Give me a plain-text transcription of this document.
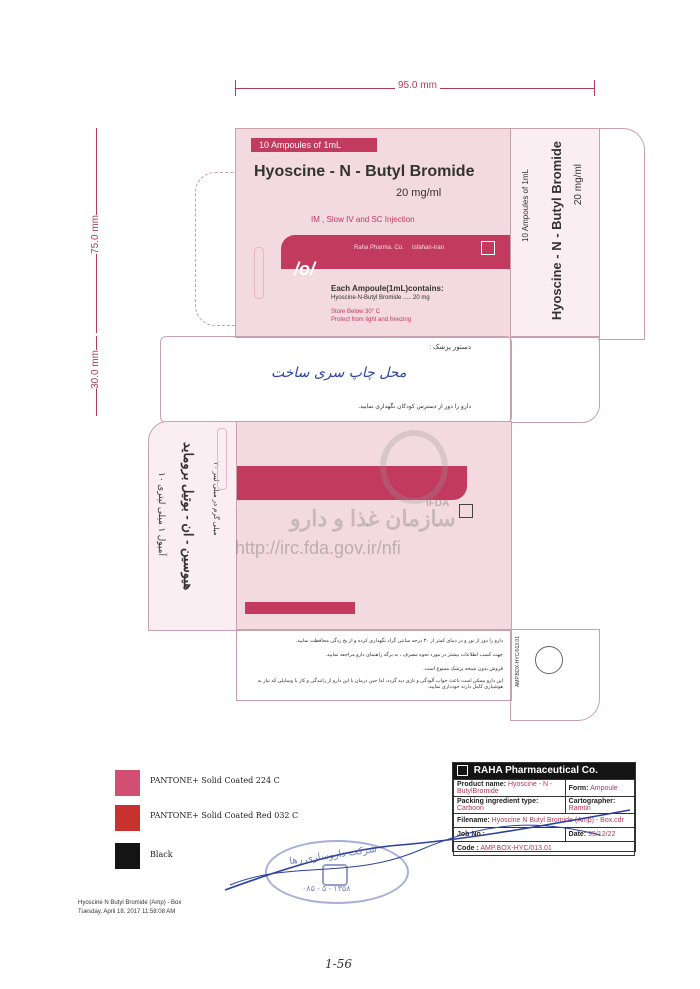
95.0 mm
75.0 mm
30.0 mm
10 Ampoules of 1mL
Hyoscine - N - Butyl Bromide
20 mg/ml
IM , Slow IV and SC Injection
Raha Pharma. Co.     Isfahan-Iran
/o/
Each Ampoule(1mL)contains:
Hyoscine-N-Butyl Bromide ..... 20 mg
Store Below 30° C
Protect from light and freezing
10 Ampoules of 1mL Hyoscine - N - Butyl Bromide 20 mg/ml
دستور پزشک :
محل چاپ سری ساخت
دارو را دور از دسترس کودکان نگهداری نمایید.
۱۰ آمپول ۱ میلی لیتری هیوسین - ان - بوتیل بروماید ۲۰ میلی گرم در میلی لیتر	IFDA
سازمان غذا و دارو
http://irc.fda.gov.ir/nfi
دارو را دور از نور و در دمای کمتر از ۳۰ درجه سانتی گراد نگهداری کرده و از یخ زدگی محافظت نمایید.
جهت کسب اطلاعات بیشتر در مورد نحوه مصرف ، به برگه راهنمای دارو مراجعه نمایید.
فروش بدون نسخه پزشک ممنوع است.
این دارو ممکن است باعث خواب آلودگی و تاری دید گردد، لذا حین درمان با این دارو از رانندگی و کار با وسایلی که نیاز به هوشیاری کامل دارند خودداری نمایید. AMP.BOX-HYC/013.01
PANTONE+ Solid Coated 224 C
PANTONE+ Solid Coated Red 032 C
Black
RAHA Pharmaceutical Co.
Product name: Hyoscine - N - ButylBromide	Form: Ampoule
Packing ingredient type: Carboon	Cartographer: Ramtin
Filename: Hyoscine N Butyl Bromide (Amp) - Box.cdr	
Job No.:	Date: 95/12/22
Code : AMP.BOX-HYC/013.01	
شرکت داروسازی رها
۰۸۵ - ۵ - ۱۳۵۸
Hyoscine N Butyl Bromide (Amp) - Box
Tuesday, April 18, 2017 11:58:08 AM
1-56
